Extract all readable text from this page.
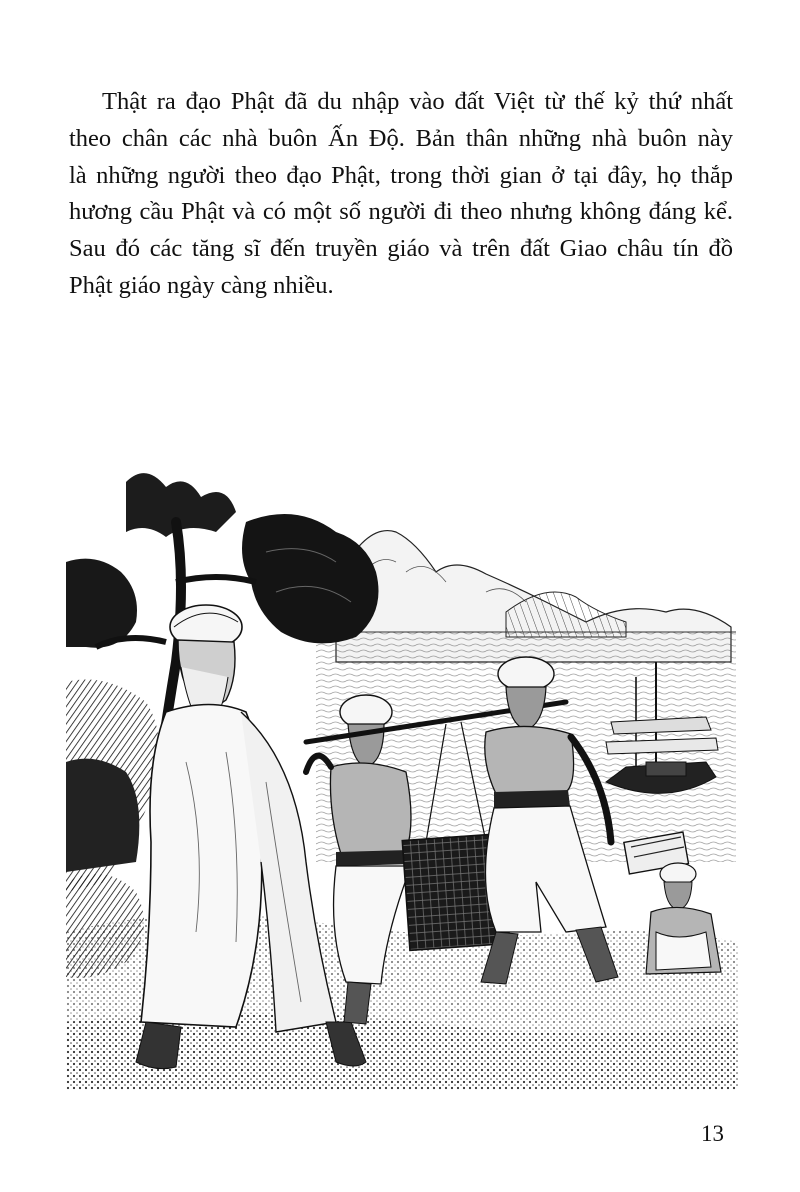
Thật ra đạo Phật đã du nhập vào đất Việt từ thế kỷ thứ nhất
theo chân các nhà buôn Ấn Độ. Bản thân những nhà buôn này
là những người theo đạo Phật, trong thời gian ở tại đây, họ thắp
hương cầu Phật và có một số người đi theo nhưng không đáng kể.
Sau đó các tăng sĩ đến truyền giáo và trên đất Giao châu tín đồ
Phật giáo ngày càng nhiều.
13
